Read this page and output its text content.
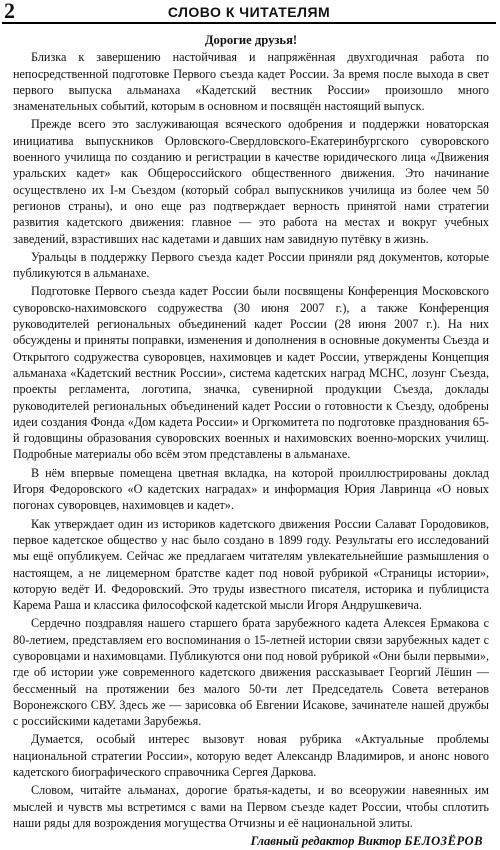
2	СЛОВО К ЧИТАТЕЛЯМ

Дорогие друзья!

Близка к завершению настойчивая и напряжённая двухгодичная работа по непосредственной подготовке Первого съезда кадет России. За время после выхода в свет первого выпуска альманаха «Кадетский вестник России» произошло много знаменательных событий, которым в основном и посвящён настоящий выпуск.

Прежде всего это заслуживающая всяческого одобрения и поддержки новаторская инициатива выпускников Орловского-Свердловского-Екатеринбургского суворовского военного училища по созданию и регистрации в качестве юридического лица «Движения уральских кадет» как Общероссийского общественного движения. Это начинание осуществлено их I-м Съездом (который собрал выпускников училища из более чем 50 регионов страны), и оно еще раз подтверждает верность принятой нами стратегии развития кадетского движения: главное — это работа на местах и вокруг учебных заведений, взрастивших нас кадетами и давших нам завидную путёвку в жизнь.

Уральцы в поддержку Первого съезда кадет России приняли ряд документов, которые публикуются в альманахе.

Подготовке Первого съезда кадет России были посвящены Конференция Московского суворовско-нахимовского содружества (30 июня 2007 г.), а также Конференция руководителей региональных объединений кадет России (28 июня 2007 г.). На них обсуждены и приняты поправки, изменения и дополнения в основные документы Съезда и Открытого содружества суворовцев, нахимовцев и кадет России, утверждены Концепция альманаха «Кадетский вестник России», система кадетских наград МСНС, лозунг Съезда, проекты регламента, логотипа, значка, сувенирной продукции Съезда, доклады руководителей региональных объединений кадет России о готовности к Съезду, одобрены идеи создания Фонда «Дом кадета России» и Оргкомитета по подготовке празднования 65-й годовщины образования суворовских военных и нахимовских военно-морских училищ. Подробные материалы обо всём этом представлены в альманахе.

В нём впервые помещена цветная вкладка, на которой проиллюстрированы доклад Игоря Федоровского «О кадетских наградах» и информация Юрия Лавринца «О новых погонах суворовцев, нахимовцев и кадет».

Как утверждает один из историков кадетского движения России Салават Городовиков, первое кадетское общество у нас было создано в 1899 году. Результаты его исследований мы ещё опубликуем. Сейчас же предлагаем читателям увлекательнейшие размышления о настоящем, а не лицемерном братстве кадет под новой рубрикой «Страницы истории», которую ведёт И. Федоровский. Это труды известного писателя, историка и публициста Карема Раша и классика философской кадетской мысли Игоря Андрушкевича.

Сердечно поздравляя нашего старшего брата зарубежного кадета Алексея Ермакова с 80-летием, представляем его воспоминания о 15-летней истории связи зарубежных кадет с суворовцами и нахимовцами. Публикуются они под новой рубрикой «Они были первыми», где об истории уже современного кадетского движения рассказывает Георгий Лёшин — бессменный на протяжении без малого 50-ти лет Председатель Совета ветеранов Воронежского СВУ. Здесь же — зарисовка об Евгении Исакове, зачинателе нашей дружбы с российскими кадетами Зарубежья.

Думается, особый интерес вызовут новая рубрика «Актуальные проблемы национальной стратегии России», которую ведет Александр Владимиров, и анонс нового кадетского биографического справочника Сергея Даркова.

Словом, читайте альманах, дорогие братья-кадеты, и во всеоружии навеянных им мыслей и чувств мы встретимся с вами на Первом съезде кадет России, чтобы сплотить наши ряды для возрождения могущества Отчизны и её национальной элиты.

Главный редактор Виктор БЕЛОЗЁРОВ
